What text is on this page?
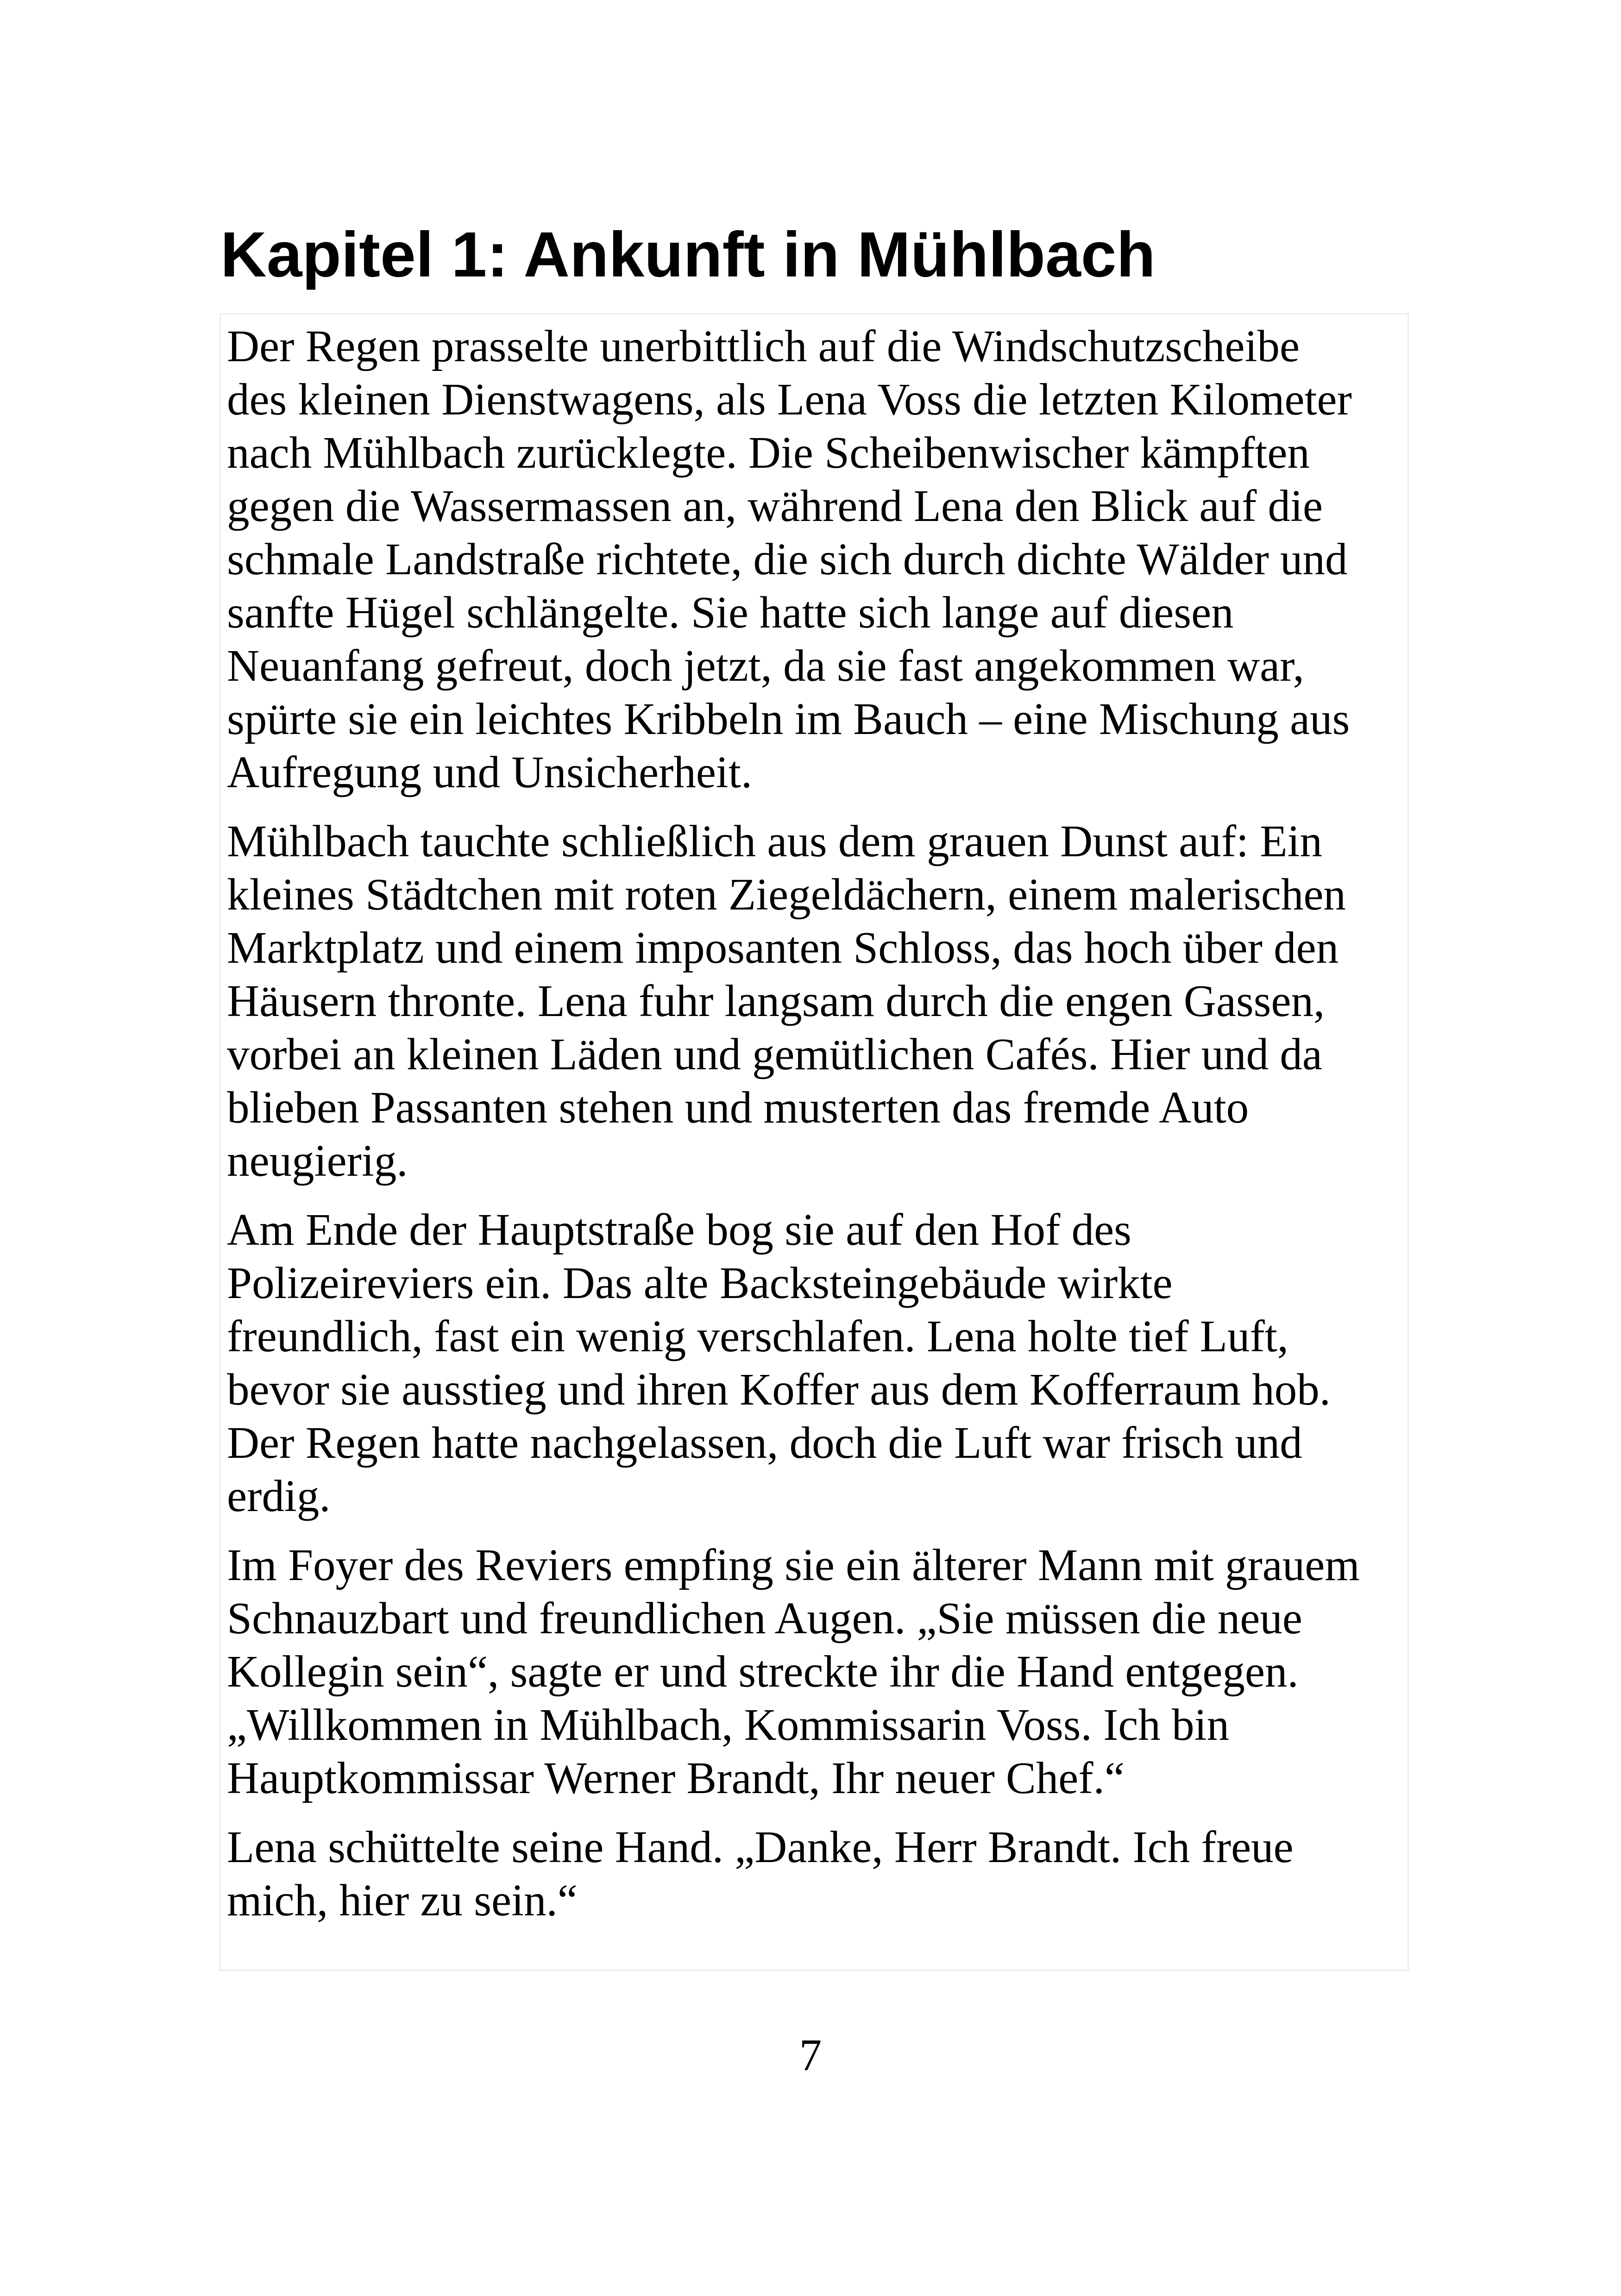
Kapitel 1: Ankunft in Mühlbach

Der Regen prasselte unerbittlich auf die Windschutzscheibe
des kleinen Dienstwagens, als Lena Voss die letzten Kilometer
nach Mühlbach zurücklegte. Die Scheibenwischer kämpften
gegen die Wassermassen an, während Lena den Blick auf die
schmale Landstraße richtete, die sich durch dichte Wälder und
sanfte Hügel schlängelte. Sie hatte sich lange auf diesen
Neuanfang gefreut, doch jetzt, da sie fast angekommen war,
spürte sie ein leichtes Kribbeln im Bauch – eine Mischung aus
Aufregung und Unsicherheit.

Mühlbach tauchte schließlich aus dem grauen Dunst auf: Ein
kleines Städtchen mit roten Ziegeldächern, einem malerischen
Marktplatz und einem imposanten Schloss, das hoch über den
Häusern thronte. Lena fuhr langsam durch die engen Gassen,
vorbei an kleinen Läden und gemütlichen Cafés. Hier und da
blieben Passanten stehen und musterten das fremde Auto
neugierig.

Am Ende der Hauptstraße bog sie auf den Hof des
Polizeireviers ein. Das alte Backsteingebäude wirkte
freundlich, fast ein wenig verschlafen. Lena holte tief Luft,
bevor sie ausstieg und ihren Koffer aus dem Kofferraum hob.
Der Regen hatte nachgelassen, doch die Luft war frisch und
erdig.

Im Foyer des Reviers empfing sie ein älterer Mann mit grauem
Schnauzbart und freundlichen Augen. „Sie müssen die neue
Kollegin sein“, sagte er und streckte ihr die Hand entgegen.
„Willkommen in Mühlbach, Kommissarin Voss. Ich bin
Hauptkommissar Werner Brandt, Ihr neuer Chef.“

Lena schüttelte seine Hand. „Danke, Herr Brandt. Ich freue
mich, hier zu sein.“

7
